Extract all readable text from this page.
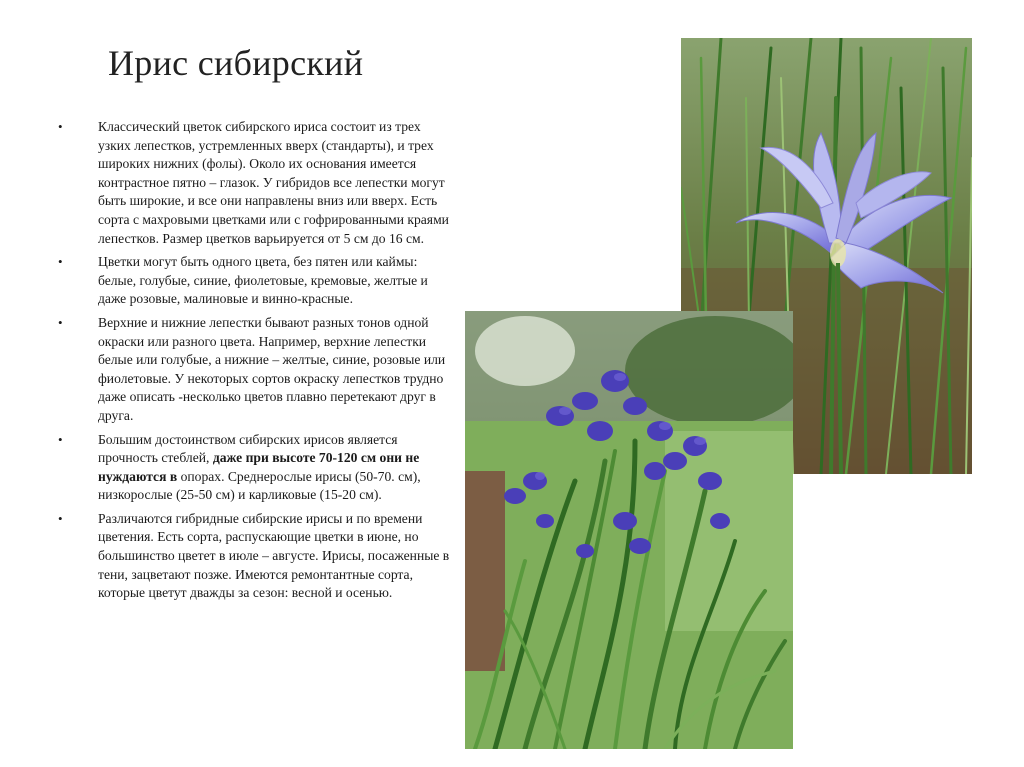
Ирис сибирский
•	Классический цветок сибирского ириса состоит из трех узких лепестков, устремленных вверх (стандарты), и трех широких нижних (фолы). Около их основания имеется контрастное пятно – глазок. У гибридов все лепестки могут быть широкие, и все они направлены вниз или вверх. Есть сорта с махровыми цветками или с гофрированными краями лепестков. Размер цветков варьируется от 5 см до 16 см.
•	Цветки могут быть одного цвета, без пятен или каймы: белые, голубые, синие, фиолетовые, кремовые, желтые и даже розовые, малиновые и винно-красные.
•	Верхние и нижние лепестки бывают разных тонов одной окраски или разного цвета. Например, верхние лепестки белые или голубые, а нижние – желтые, синие, розовые или фиолетовые. У некоторых сортов окраску лепестков трудно даже описать -несколько цветов плавно перетекают друг в друга.
•	Большим достоинством сибирских ирисов является прочность стеблей, даже при высоте 70-120 см они не нуждаются в опорах. Среднерослые ирисы (50-70. см), низкорослые (25-50 см) и карликовые (15-20 см).
•	Различаются гибридные сибирские ирисы и по времени цветения. Есть сорта, распускающие цветки в июне, но большинство цветет в июле – августе. Ирисы, посаженные в тени, зацветают позже. Имеются ремонтантные сорта, которые цветут дважды за сезон: весной и осенью.
